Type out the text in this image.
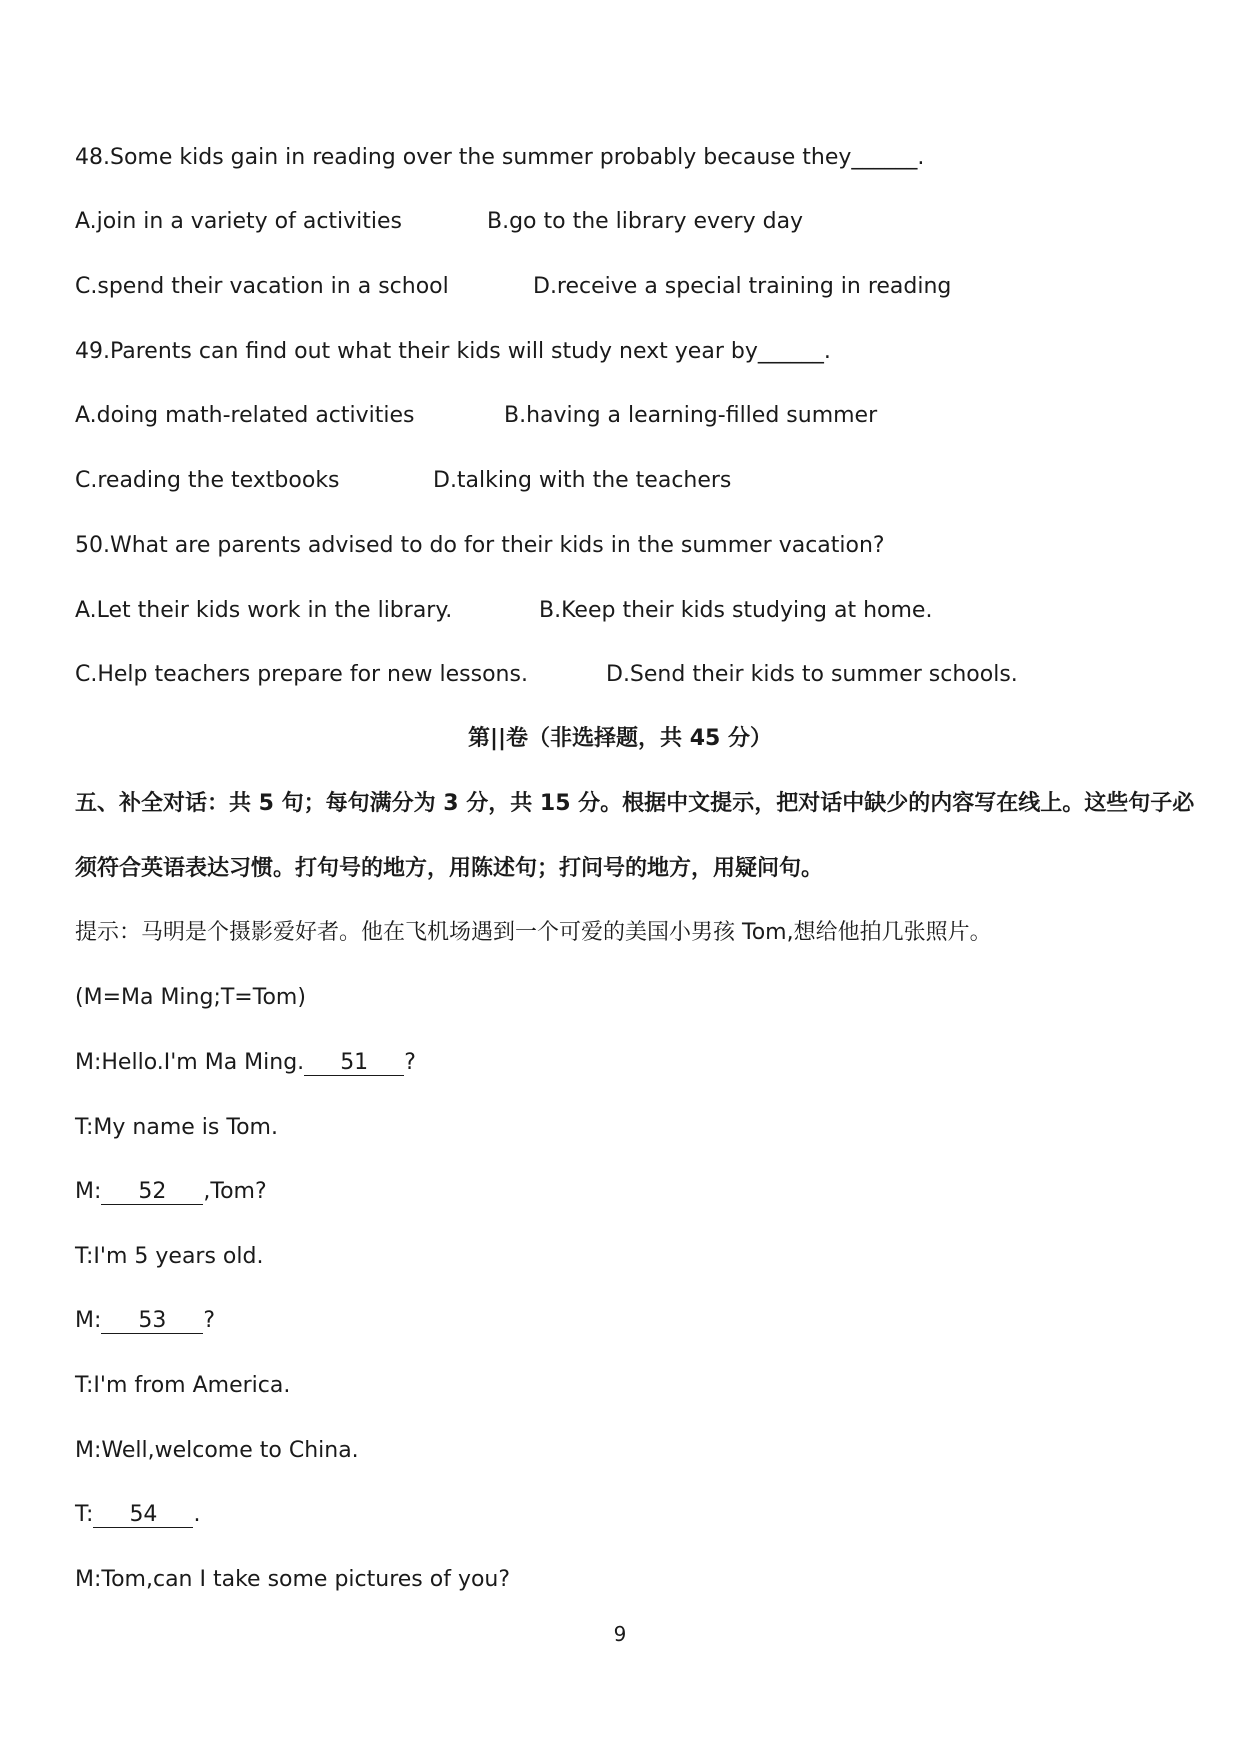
48.Some kids gain in reading over the summer probably because they______.
A.join in a variety of activities	B.go to the library every day
C.spend their vacation in a school	D.receive a special training in reading
49.Parents can find out what their kids will study next year by______.
A.doing math-related activities	B.having a learning-filled summer
C.reading the textbooks	D.talking with the teachers
50.What are parents advised to do for their kids in the summer vacation?
A.Let their kids work in the library.	B.Keep their kids studying at home.
C.Help teachers prepare for new lessons.	D.Send their kids to summer schools.
第||卷（非选择题，共 45 分）
五、补全对话：共 5 句；每句满分为 3 分，共 15 分。根据中文提示，把对话中缺少的内容写在线上。这些句子必
须符合英语表达习惯。打句号的地方，用陈述句；打问号的地方，用疑问句。
提示：马明是个摄影爱好者。他在飞机场遇到一个可爱的美国小男孩 Tom,想给他拍几张照片。
(M=Ma Ming;T=Tom)
M:Hello.I'm Ma Ming. 51 ?
T:My name is Tom.
M: 52 ,Tom?
T:I'm 5 years old.
M: 53 ?
T:I'm from America.
M:Well,welcome to China.
T: 54 .
M:Tom,can I take some pictures of you?
9
